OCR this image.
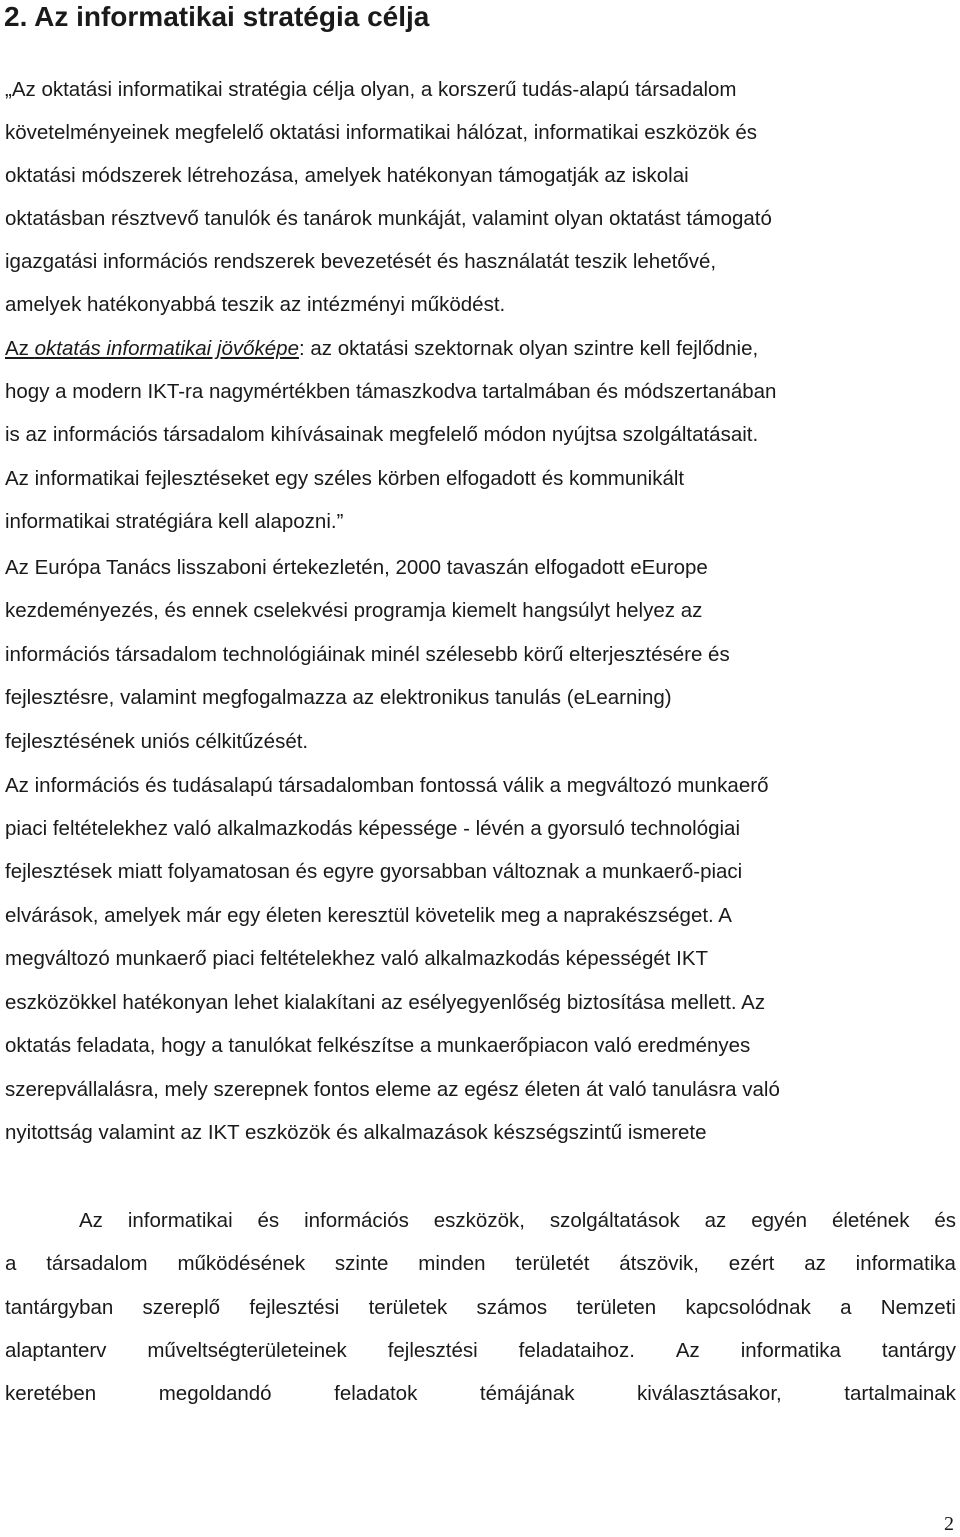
2. Az informatikai stratégia célja

„Az oktatási informatikai stratégia célja olyan, a korszerű tudás-alapú társadalom

követelményeinek megfelelő oktatási informatikai hálózat, informatikai eszközök és

oktatási módszerek létrehozása, amelyek hatékonyan támogatják az iskolai

oktatásban résztvevő tanulók és tanárok munkáját, valamint olyan oktatást támogató

igazgatási információs rendszerek bevezetését és használatát teszik lehetővé,

amelyek hatékonyabbá teszik az intézményi működést.

Az oktatás informatikai jövőképe: az oktatási szektornak olyan szintre kell fejlődnie,

hogy a modern IKT-ra nagymértékben támaszkodva tartalmában és módszertanában

is az információs társadalom kihívásainak megfelelő módon nyújtsa szolgáltatásait.

Az informatikai fejlesztéseket egy széles körben elfogadott és kommunikált

informatikai stratégiára kell alapozni.”

Az Európa Tanács lisszaboni értekezletén, 2000 tavaszán elfogadott eEurope

kezdeményezés, és ennek cselekvési programja kiemelt hangsúlyt helyez az

információs társadalom technológiáinak minél szélesebb körű elterjesztésére és

fejlesztésre, valamint megfogalmazza az elektronikus tanulás (eLearning)

fejlesztésének uniós célkitűzését.

Az információs és tudásalapú társadalomban fontossá válik a megváltozó munkaerő

piaci feltételekhez való alkalmazkodás képessége - lévén a gyorsuló technológiai

fejlesztések miatt folyamatosan és egyre gyorsabban változnak a munkaerő-piaci

elvárások, amelyek már egy életen keresztül követelik meg a naprakészséget. A

megváltozó munkaerő piaci feltételekhez való alkalmazkodás képességét IKT

eszközökkel hatékonyan lehet kialakítani az esélyegyenlőség biztosítása mellett. Az

oktatás feladata, hogy a tanulókat felkészítse a munkaerőpiacon való eredményes

szerepvállalásra, mely szerepnek fontos eleme az egész életen át való tanulásra való

nyitottság valamint az IKT eszközök és alkalmazások készségszintű ismerete

Az informatikai és információs eszközök, szolgáltatások az egyén életének és

a társadalom működésének szinte minden területét átszövik, ezért az informatika

tantárgyban szereplő fejlesztési területek számos területen kapcsolódnak a Nemzeti

alaptanterv műveltségterületeinek fejlesztési feladataihoz. Az informatika tantárgy

keretében	megoldandó	feladatok	témájának	kiválasztásakor,	tartalmainak

2
